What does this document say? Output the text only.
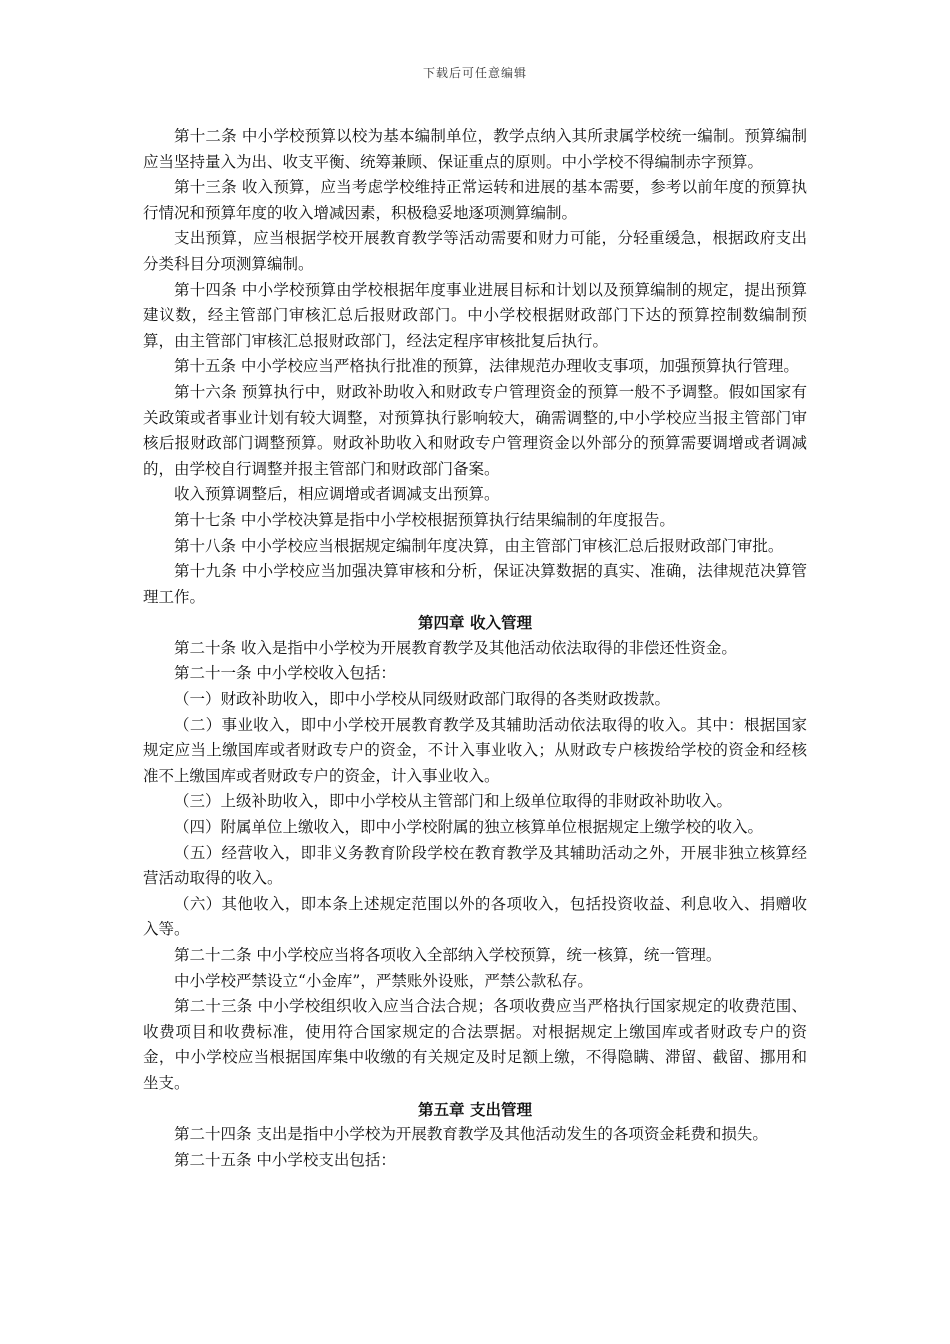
下载后可任意编辑

第十二条 中小学校预算以校为基本编制单位，教学点纳入其所隶属学校统一编制。预算编制应当坚持量入为出、收支平衡、统筹兼顾、保证重点的原则。中小学校不得编制赤字预算。

第十三条 收入预算，应当考虑学校维持正常运转和进展的基本需要，参考以前年度的预算执行情况和预算年度的收入增减因素，积极稳妥地逐项测算编制。

支出预算，应当根据学校开展教育教学等活动需要和财力可能，分轻重缓急，根据政府支出分类科目分项测算编制。

第十四条 中小学校预算由学校根据年度事业进展目标和计划以及预算编制的规定，提出预算建议数，经主管部门审核汇总后报财政部门。中小学校根据财政部门下达的预算控制数编制预算，由主管部门审核汇总报财政部门，经法定程序审核批复后执行。

第十五条 中小学校应当严格执行批准的预算，法律规范办理收支事项，加强预算执行管理。

第十六条 预算执行中，财政补助收入和财政专户管理资金的预算一般不予调整。假如国家有关政策或者事业计划有较大调整，对预算执行影响较大，确需调整的,中小学校应当报主管部门审核后报财政部门调整预算。财政补助收入和财政专户管理资金以外部分的预算需要调增或者调减的，由学校自行调整并报主管部门和财政部门备案。

收入预算调整后，相应调增或者调减支出预算。

第十七条 中小学校决算是指中小学校根据预算执行结果编制的年度报告。

第十八条 中小学校应当根据规定编制年度决算，由主管部门审核汇总后报财政部门审批。

第十九条 中小学校应当加强决算审核和分析，保证决算数据的真实、准确，法律规范决算管理工作。

第四章 收入管理

第二十条 收入是指中小学校为开展教育教学及其他活动依法取得的非偿还性资金。

第二十一条 中小学校收入包括：

（一）财政补助收入，即中小学校从同级财政部门取得的各类财政拨款。

（二）事业收入，即中小学校开展教育教学及其辅助活动依法取得的收入。其中：根据国家规定应当上缴国库或者财政专户的资金，不计入事业收入；从财政专户核拨给学校的资金和经核准不上缴国库或者财政专户的资金，计入事业收入。

（三）上级补助收入，即中小学校从主管部门和上级单位取得的非财政补助收入。

（四）附属单位上缴收入，即中小学校附属的独立核算单位根据规定上缴学校的收入。

（五）经营收入，即非义务教育阶段学校在教育教学及其辅助活动之外，开展非独立核算经营活动取得的收入。

（六）其他收入，即本条上述规定范围以外的各项收入，包括投资收益、利息收入、捐赠收入等。

第二十二条 中小学校应当将各项收入全部纳入学校预算，统一核算，统一管理。

中小学校严禁设立“小金库”，严禁账外设账，严禁公款私存。

第二十三条 中小学校组织收入应当合法合规；各项收费应当严格执行国家规定的收费范围、收费项目和收费标准，使用符合国家规定的合法票据。对根据规定上缴国库或者财政专户的资金，中小学校应当根据国库集中收缴的有关规定及时足额上缴，不得隐瞒、滞留、截留、挪用和坐支。

第五章 支出管理

第二十四条 支出是指中小学校为开展教育教学及其他活动发生的各项资金耗费和损失。

第二十五条 中小学校支出包括：
